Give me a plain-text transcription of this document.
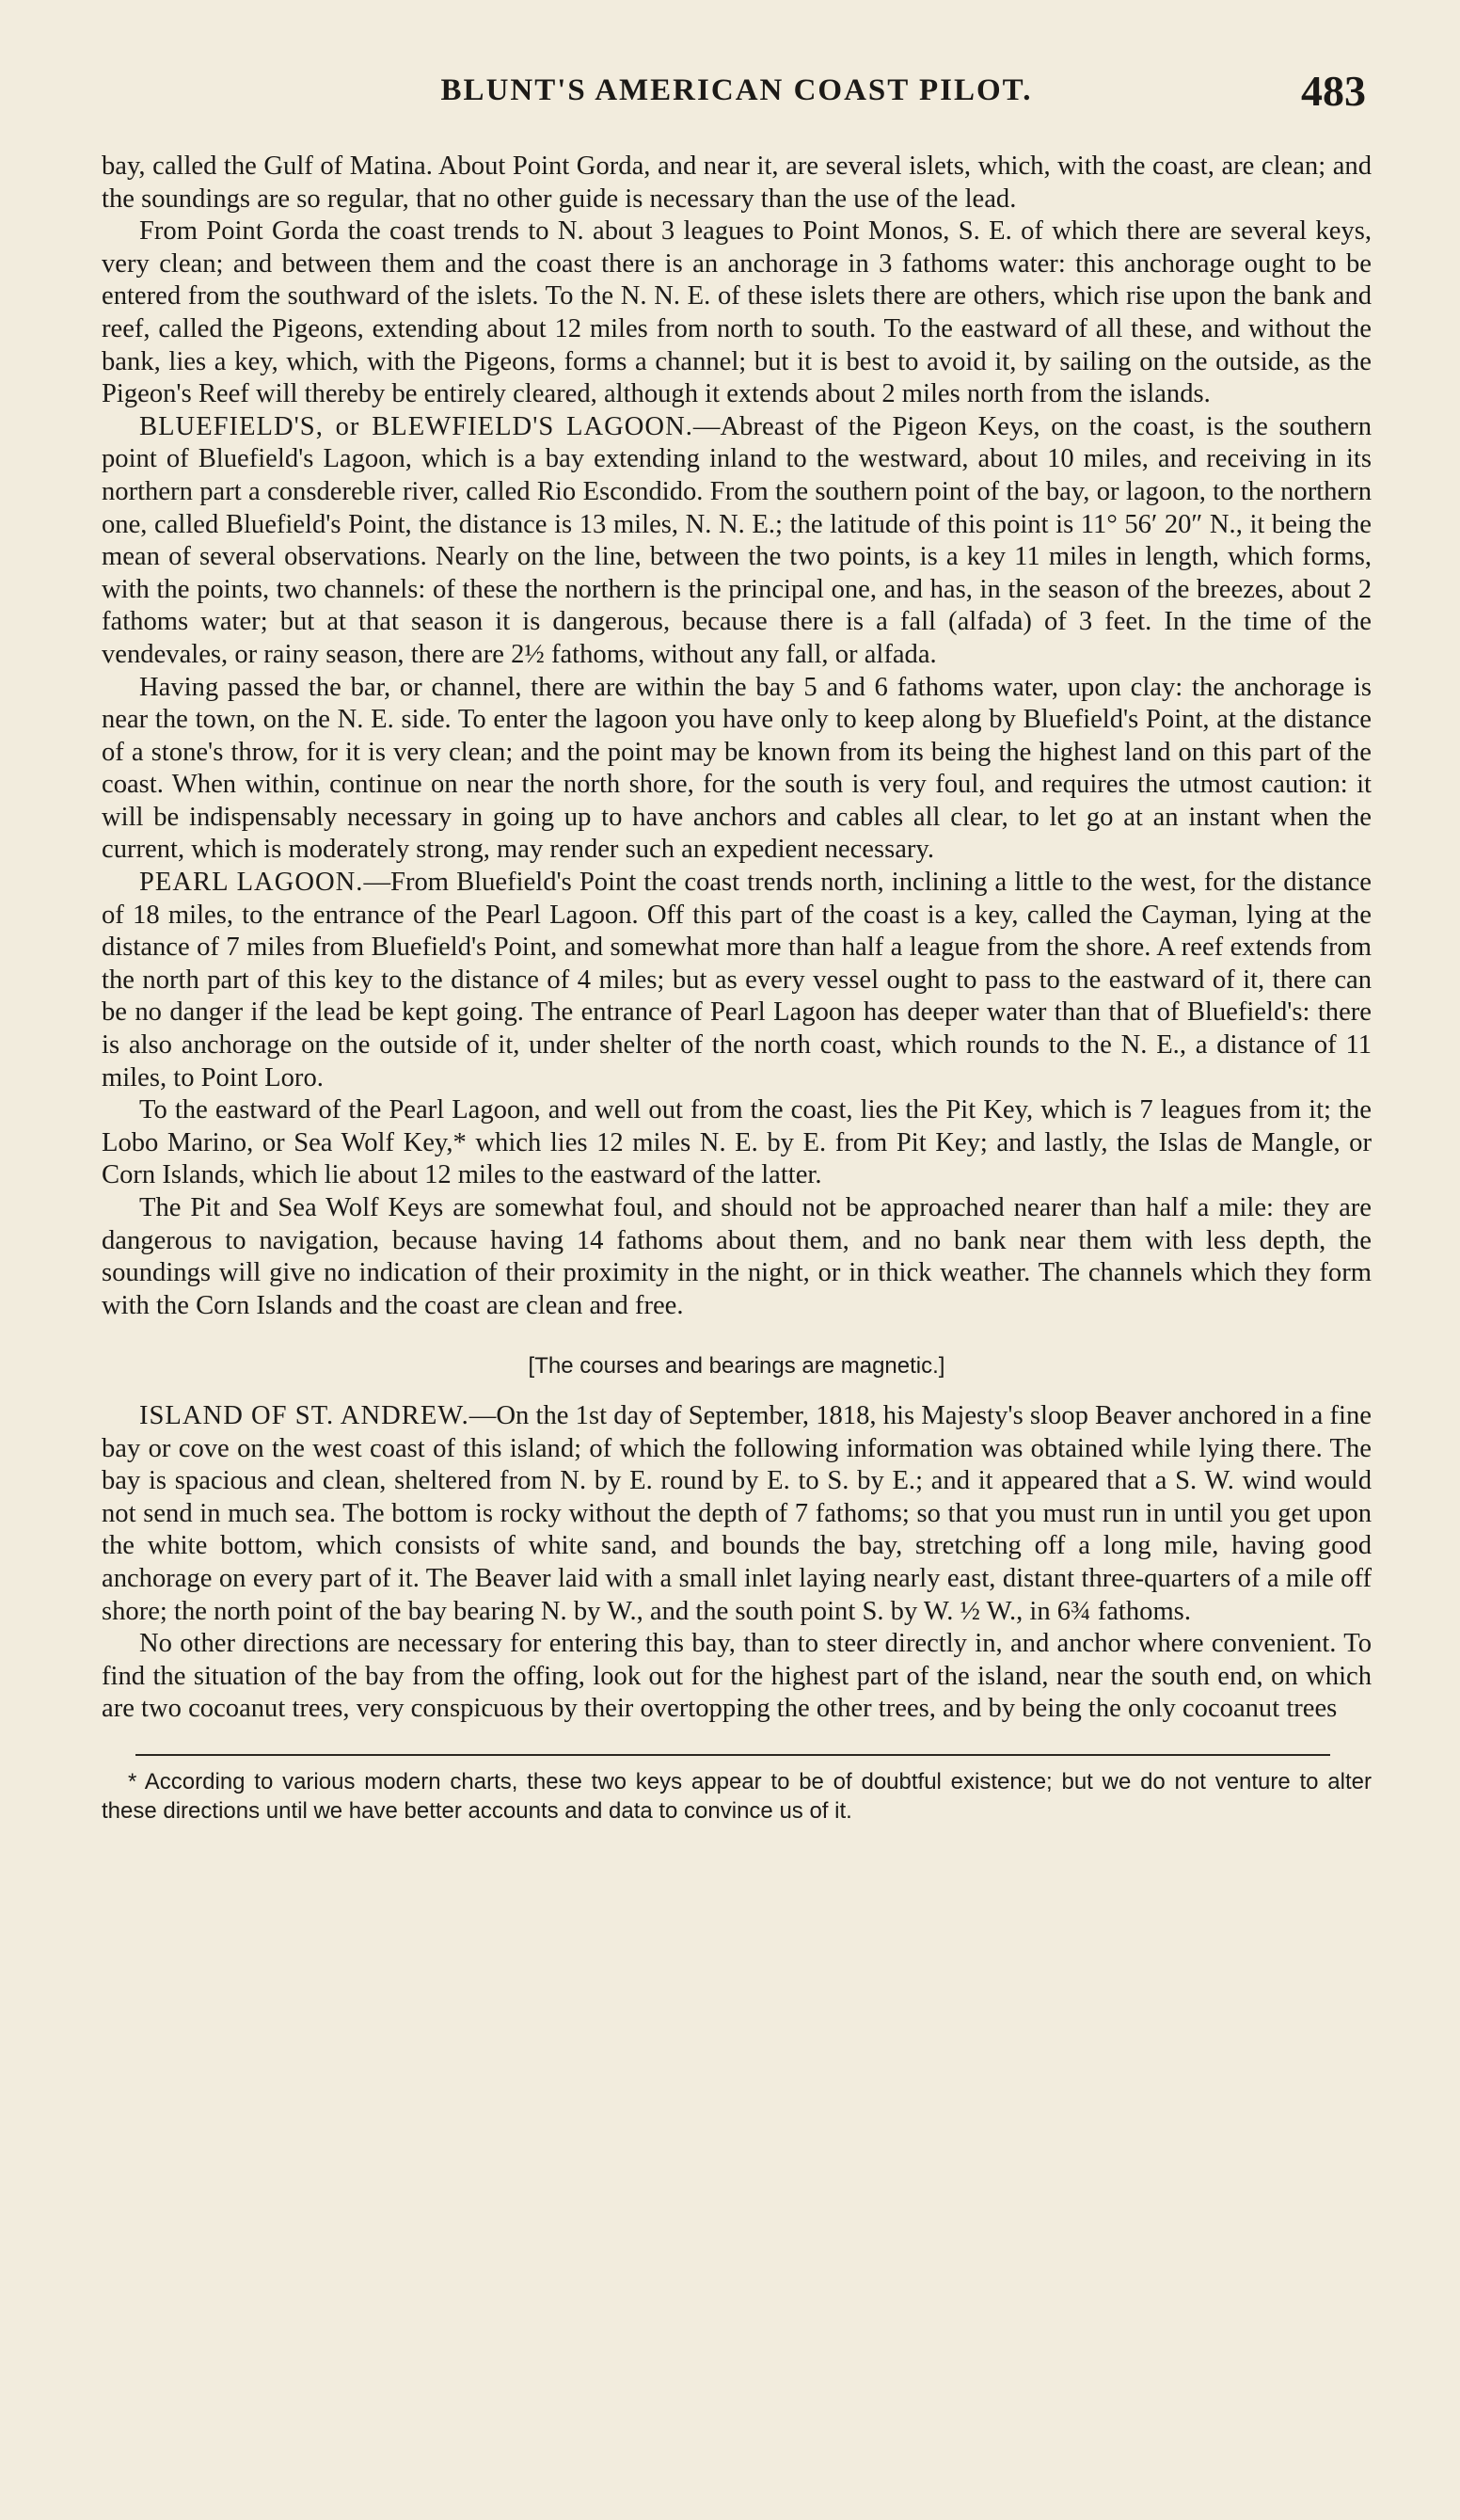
BLUNT'S AMERICAN COAST PILOT.	483

bay, called the Gulf of Matina. About Point Gorda, and near it, are several islets, which, with the coast, are clean; and the soundings are so regular, that no other guide is necessary than the use of the lead.

From Point Gorda the coast trends to N. about 3 leagues to Point Monos, S. E. of which there are several keys, very clean; and between them and the coast there is an anchorage in 3 fathoms water: this anchorage ought to be entered from the southward of the islets. To the N. N. E. of these islets there are others, which rise upon the bank and reef, called the Pigeons, extending about 12 miles from north to south. To the eastward of all these, and without the bank, lies a key, which, with the Pigeons, forms a channel; but it is best to avoid it, by sailing on the outside, as the Pigeon's Reef will thereby be entirely cleared, although it extends about 2 miles north from the islands.

BLUEFIELD'S, or BLEWFIELD'S LAGOON.—Abreast of the Pigeon Keys, on the coast, is the southern point of Bluefield's Lagoon, which is a bay extending inland to the westward, about 10 miles, and receiving in its northern part a consdereble river, called Rio Escondido. From the southern point of the bay, or lagoon, to the northern one, called Bluefield's Point, the distance is 13 miles, N. N. E.; the latitude of this point is 11° 56′ 20″ N., it being the mean of several observations. Nearly on the line, between the two points, is a key 11 miles in length, which forms, with the points, two channels: of these the northern is the principal one, and has, in the season of the breezes, about 2 fathoms water; but at that season it is dangerous, because there is a fall (alfada) of 3 feet. In the time of the vendevales, or rainy season, there are 2½ fathoms, without any fall, or alfada.

Having passed the bar, or channel, there are within the bay 5 and 6 fathoms water, upon clay: the anchorage is near the town, on the N. E. side. To enter the lagoon you have only to keep along by Bluefield's Point, at the distance of a stone's throw, for it is very clean; and the point may be known from its being the highest land on this part of the coast. When within, continue on near the north shore, for the south is very foul, and requires the utmost caution: it will be indispensably necessary in going up to have anchors and cables all clear, to let go at an instant when the current, which is moderately strong, may render such an expedient necessary.

PEARL LAGOON.—From Bluefield's Point the coast trends north, inclining a little to the west, for the distance of 18 miles, to the entrance of the Pearl Lagoon. Off this part of the coast is a key, called the Cayman, lying at the distance of 7 miles from Bluefield's Point, and somewhat more than half a league from the shore. A reef extends from the north part of this key to the distance of 4 miles; but as every vessel ought to pass to the eastward of it, there can be no danger if the lead be kept going. The entrance of Pearl Lagoon has deeper water than that of Bluefield's: there is also anchorage on the outside of it, under shelter of the north coast, which rounds to the N. E., a distance of 11 miles, to Point Loro.

To the eastward of the Pearl Lagoon, and well out from the coast, lies the Pit Key, which is 7 leagues from it; the Lobo Marino, or Sea Wolf Key,* which lies 12 miles N. E. by E. from Pit Key; and lastly, the Islas de Mangle, or Corn Islands, which lie about 12 miles to the eastward of the latter.

The Pit and Sea Wolf Keys are somewhat foul, and should not be approached nearer than half a mile: they are dangerous to navigation, because having 14 fathoms about them, and no bank near them with less depth, the soundings will give no indication of their proximity in the night, or in thick weather. The channels which they form with the Corn Islands and the coast are clean and free.

[The courses and bearings are magnetic.]

ISLAND OF ST. ANDREW.—On the 1st day of September, 1818, his Majesty's sloop Beaver anchored in a fine bay or cove on the west coast of this island; of which the following information was obtained while lying there. The bay is spacious and clean, sheltered from N. by E. round by E. to S. by E.; and it appeared that a S. W. wind would not send in much sea. The bottom is rocky without the depth of 7 fathoms; so that you must run in until you get upon the white bottom, which consists of white sand, and bounds the bay, stretching off a long mile, having good anchorage on every part of it. The Beaver laid with a small inlet laying nearly east, distant three-quarters of a mile off shore; the north point of the bay bearing N. by W., and the south point S. by W. ½ W., in 6¾ fathoms.

No other directions are necessary for entering this bay, than to steer directly in, and anchor where convenient. To find the situation of the bay from the offing, look out for the highest part of the island, near the south end, on which are two cocoanut trees, very conspicuous by their overtopping the other trees, and by being the only cocoanut trees

* According to various modern charts, these two keys appear to be of doubtful existence; but we do not venture to alter these directions until we have better accounts and data to convince us of it.
